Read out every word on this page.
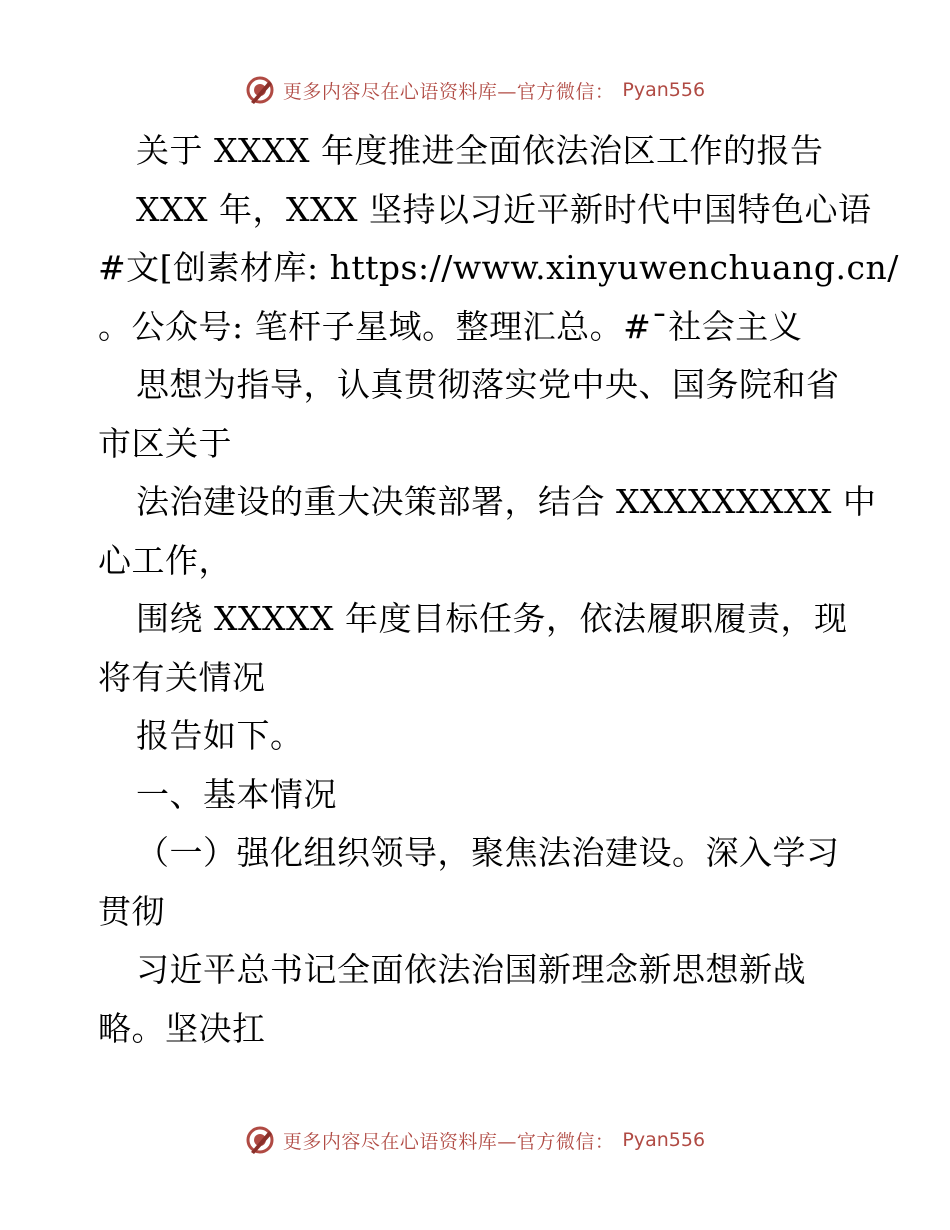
更多内容尽在心语资料库—官方微信： Pyan556
关于 XXXX 年度推进全面依法治区工作的报告
XXX 年，XXX 坚持以习近平新时代中国特色心语
#文[创素材库: https://www.xinyuwenchuang.cn/
。公众号: 笔杆子星域。整理汇总。#¯社会主义
思想为指导，认真贯彻落实党中央、国务院和省
市区关于
法治建设的重大决策部署，结合 XXXXXXXXX 中
心工作，
围绕 XXXXX 年度目标任务，依法履职履责，现
将有关情况
报告如下。
一、基本情况
（一）强化组织领导，聚焦法治建设。深入学习
贯彻
习近平总书记全面依法治国新理念新思想新战
略。坚决扛
更多内容尽在心语资料库—官方微信： Pyan556
